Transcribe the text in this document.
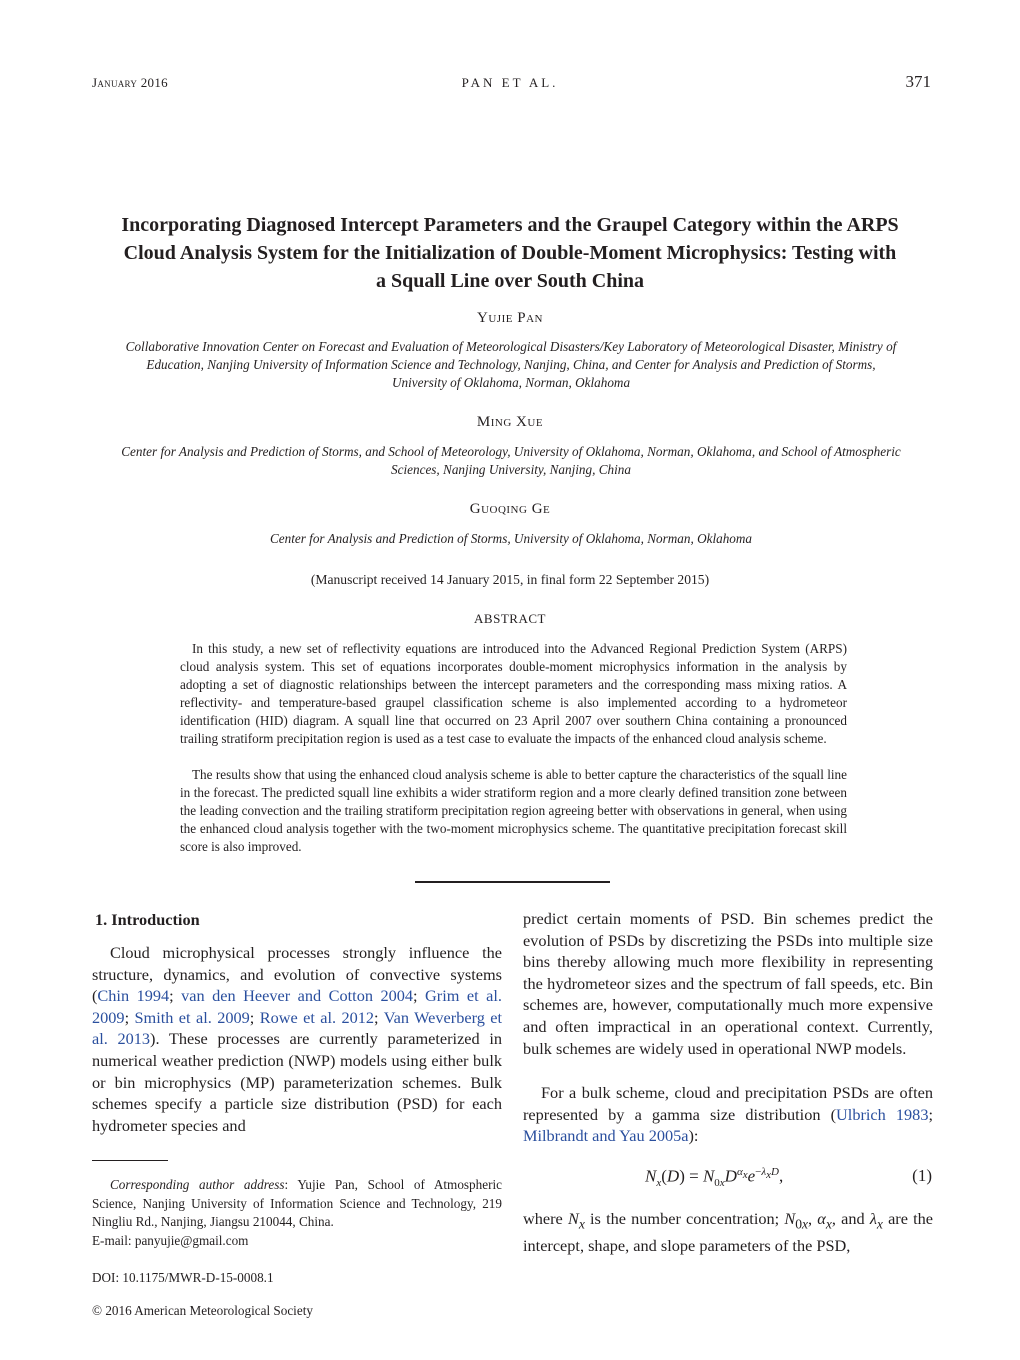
January 2016	PAN ET AL.	371
Incorporating Diagnosed Intercept Parameters and the Graupel Category within the ARPS Cloud Analysis System for the Initialization of Double-Moment Microphysics: Testing with a Squall Line over South China
Yujie Pan
Collaborative Innovation Center on Forecast and Evaluation of Meteorological Disasters/Key Laboratory of Meteorological Disaster, Ministry of Education, Nanjing University of Information Science and Technology, Nanjing, China, and Center for Analysis and Prediction of Storms, University of Oklahoma, Norman, Oklahoma
Ming Xue
Center for Analysis and Prediction of Storms, and School of Meteorology, University of Oklahoma, Norman, Oklahoma, and School of Atmospheric Sciences, Nanjing University, Nanjing, China
Guoqing Ge
Center for Analysis and Prediction of Storms, University of Oklahoma, Norman, Oklahoma
(Manuscript received 14 January 2015, in final form 22 September 2015)
ABSTRACT
In this study, a new set of reflectivity equations are introduced into the Advanced Regional Prediction System (ARPS) cloud analysis system. This set of equations incorporates double-moment microphysics information in the analysis by adopting a set of diagnostic relationships between the intercept parameters and the corresponding mass mixing ratios. A reflectivity- and temperature-based graupel classification scheme is also implemented according to a hydrometeor identification (HID) diagram. A squall line that occurred on 23 April 2007 over southern China containing a pronounced trailing stratiform precipitation region is used as a test case to evaluate the impacts of the enhanced cloud analysis scheme.
The results show that using the enhanced cloud analysis scheme is able to better capture the characteristics of the squall line in the forecast. The predicted squall line exhibits a wider stratiform region and a more clearly defined transition zone between the leading convection and the trailing stratiform precipitation region agreeing better with observations in general, when using the enhanced cloud analysis together with the two-moment microphysics scheme. The quantitative precipitation forecast skill score is also improved.
1. Introduction
Cloud microphysical processes strongly influence the structure, dynamics, and evolution of convective systems (Chin 1994; van den Heever and Cotton 2004; Grim et al. 2009; Smith et al. 2009; Rowe et al. 2012; Van Weverberg et al. 2013). These processes are currently parameterized in numerical weather prediction (NWP) models using either bulk or bin microphysics (MP) parameterization schemes. Bulk schemes specify a particle size distribution (PSD) for each hydrometer species and
Corresponding author address: Yujie Pan, School of Atmospheric Science, Nanjing University of Information Science and Technology, 219 Ningliu Rd., Nanjing, Jiangsu 210044, China.
E-mail: panyujie@gmail.com
DOI: 10.1175/MWR-D-15-0008.1
© 2016 American Meteorological Society
predict certain moments of PSD. Bin schemes predict the evolution of PSDs by discretizing the PSDs into multiple size bins thereby allowing much more flexibility in representing the hydrometeor sizes and the spectrum of fall speeds, etc. Bin schemes are, however, computationally much more expensive and often impractical in an operational context. Currently, bulk schemes are widely used in operational NWP models.
For a bulk scheme, cloud and precipitation PSDs are often represented by a gamma size distribution (Ulbrich 1983; Milbrandt and Yau 2005a):
$N_x(D) = N_{0x}D^{\alpha_x}e^{-\lambda_xD}$,	(1)
where $N_x$ is the number concentration; $N_{0x}$, $\alpha_x$, and $\lambda_x$ are the intercept, shape, and slope parameters of the PSD,
